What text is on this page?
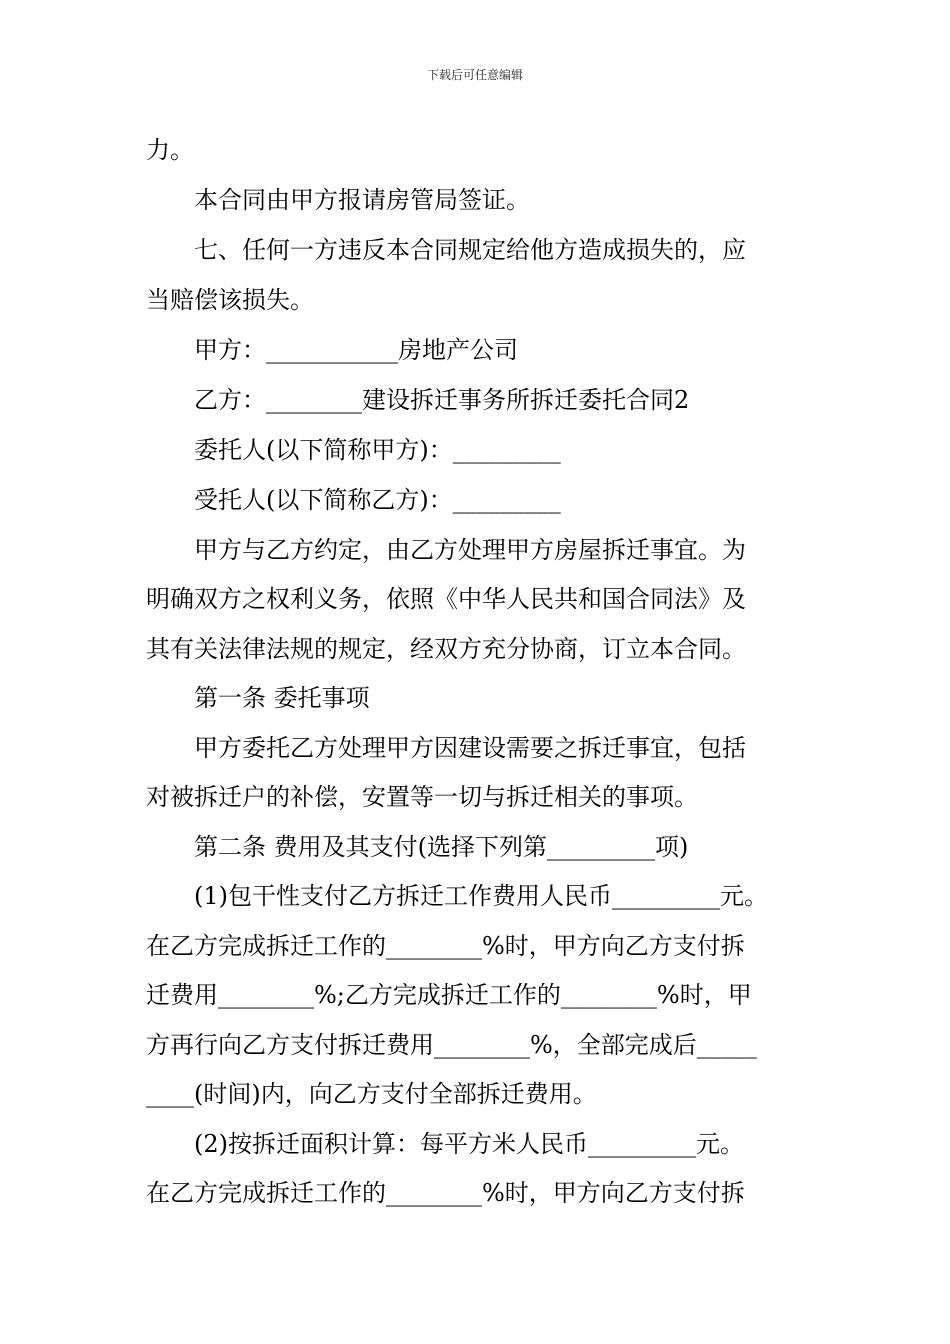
下载后可任意编辑

力。

本合同由甲方报请房管局签证。

七、任何一方违反本合同规定给他方造成损失的，应

当赔偿该损失。

甲方：___________房地产公司

乙方：________建设拆迁事务所拆迁委托合同2

委托人(以下简称甲方)：_________

受托人(以下简称乙方)：_________

甲方与乙方约定，由乙方处理甲方房屋拆迁事宜。为

明确双方之权利义务，依照《中华人民共和国合同法》及

其有关法律法规的规定，经双方充分协商，订立本合同。

第一条 委托事项

甲方委托乙方处理甲方因建设需要之拆迁事宜，包括

对被拆迁户的补偿，安置等一切与拆迁相关的事项。

第二条 费用及其支付(选择下列第_________项)

(1)包干性支付乙方拆迁工作费用人民币_________元。

在乙方完成拆迁工作的________%时，甲方向乙方支付拆

迁费用________%;乙方完成拆迁工作的________%时，甲

方再行向乙方支付拆迁费用________%，全部完成后_____

____(时间)内，向乙方支付全部拆迁费用。

(2)按拆迁面积计算：每平方米人民币_________元。

在乙方完成拆迁工作的________%时，甲方向乙方支付拆
